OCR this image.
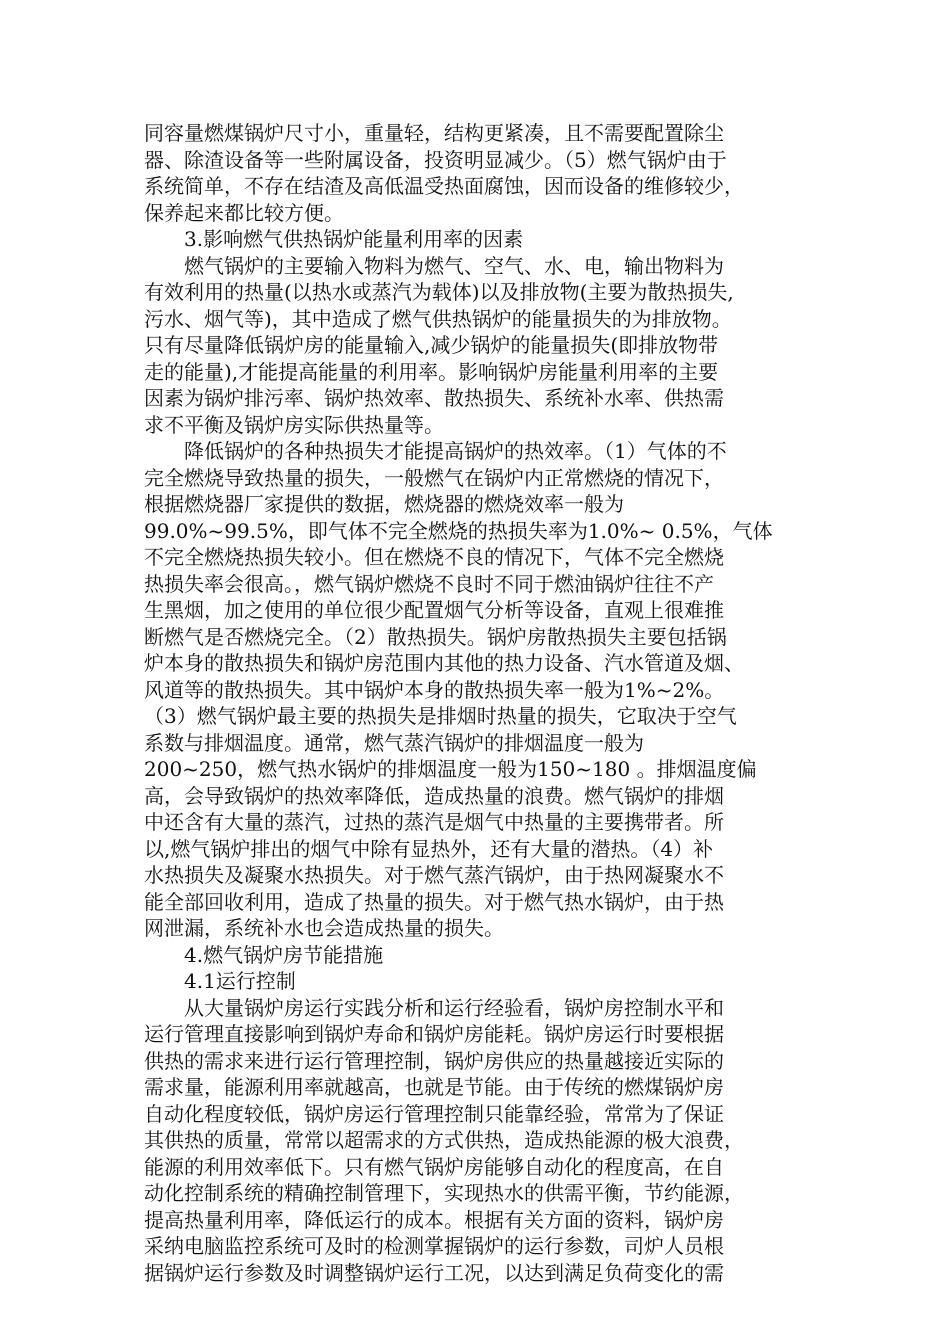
同容量燃煤锅炉尺寸小，重量轻，结构更紧凑，且不需要配置除尘
器、除渣设备等一些附属设备，投资明显减少。（5）燃气锅炉由于
系统简单，不存在结渣及高低温受热面腐蚀，因而设备的维修较少，
保养起来都比较方便。
3.影响燃气供热锅炉能量利用率的因素
燃气锅炉的主要输入物料为燃气、空气、水、电，输出物料为
有效利用的热量(以热水或蒸汽为载体)以及排放物(主要为散热损失,
污水、烟气等)，其中造成了燃气供热锅炉的能量损失的为排放物。
只有尽量降低锅炉房的能量输入,减少锅炉的能量损失(即排放物带
走的能量),才能提高能量的利用率。影响锅炉房能量利用率的主要
因素为锅炉排污率、锅炉热效率、散热损失、系统补水率、供热需
求不平衡及锅炉房实际供热量等。
降低锅炉的各种热损失才能提高锅炉的热效率。（1）气体的不
完全燃烧导致热量的损失，一般燃气在锅炉内正常燃烧的情况下，
根据燃烧器厂家提供的数据，燃烧器的燃烧效率一般为
99.0%~99.5%，即气体不完全燃烧的热损失率为1.0%~ 0.5%，气体
不完全燃烧热损失较小。但在燃烧不良的情况下，气体不完全燃烧
热损失率会很高。，燃气锅炉燃烧不良时不同于燃油锅炉往往不产
生黑烟，加之使用的单位很少配置烟气分析等设备，直观上很难推
断燃气是否燃烧完全。（2）散热损失。锅炉房散热损失主要包括锅
炉本身的散热损失和锅炉房范围内其他的热力设备、汽水管道及烟、
风道等的散热损失。其中锅炉本身的散热损失率一般为1%~2%。
（3）燃气锅炉最主要的热损失是排烟时热量的损失，它取决于空气
系数与排烟温度。通常，燃气蒸汽锅炉的排烟温度一般为
200~250，燃气热水锅炉的排烟温度一般为150~180 。排烟温度偏
高，会导致锅炉的热效率降低，造成热量的浪费。燃气锅炉的排烟
中还含有大量的蒸汽，过热的蒸汽是烟气中热量的主要携带者。所
以,燃气锅炉排出的烟气中除有显热外，还有大量的潜热。（4）补
水热损失及凝聚水热损失。对于燃气蒸汽锅炉，由于热网凝聚水不
能全部回收利用，造成了热量的损失。对于燃气热水锅炉，由于热
网泄漏，系统补水也会造成热量的损失。
4.燃气锅炉房节能措施
4.1运行控制
从大量锅炉房运行实践分析和运行经验看，锅炉房控制水平和
运行管理直接影响到锅炉寿命和锅炉房能耗。锅炉房运行时要根据
供热的需求来进行运行管理控制，锅炉房供应的热量越接近实际的
需求量，能源利用率就越高，也就是节能。由于传统的燃煤锅炉房
自动化程度较低，锅炉房运行管理控制只能靠经验，常常为了保证
其供热的质量，常常以超需求的方式供热，造成热能源的极大浪费，
能源的利用效率低下。只有燃气锅炉房能够自动化的程度高，在自
动化控制系统的精确控制管理下，实现热水的供需平衡，节约能源，
提高热量利用率，降低运行的成本。根据有关方面的资料，锅炉房
采纳电脑监控系统可及时的检测掌握锅炉的运行参数，司炉人员根
据锅炉运行参数及时调整锅炉运行工况，以达到满足负荷变化的需
